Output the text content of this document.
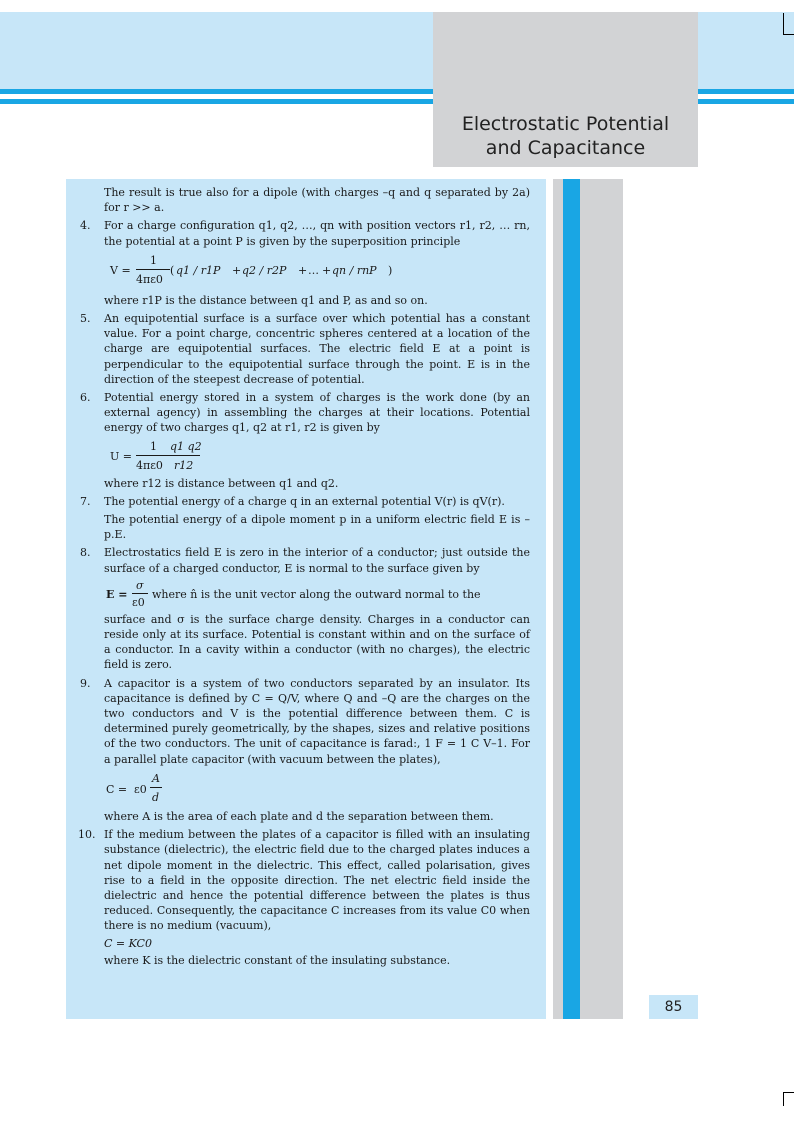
Electrostatic Potential
and Capacitance
85

The result is true also for a dipole (with charges –q and q separated by 2a) for r >> a.

4. For a charge configuration q1, q2, …, qn with position vectors r1, r2, … rn, the potential at a point P is given by the superposition principle

V =
1
4πε0
( q1 / r1P + q2 / r2P + … + qn / rnP )

where r1P is the distance between q1 and P, as and so on.

5. An equipotential surface is a surface over which potential has a constant value. For a point charge, concentric spheres centered at a location of the charge are equipotential surfaces. The electric field E at a point is perpendicular to the equipotential surface through the point. E is in the direction of the steepest decrease of potential.

6. Potential energy stored in a system of charges is the work done (by an external agency) in assembling the charges at their locations. Potential energy of two charges q1, q2 at r1, r2 is given by

U =
1
4πε0
q1 q2
r12

where r12 is distance between q1 and q2.

7. The potential energy of a charge q in an external potential V(r) is qV(r).

The potential energy of a dipole moment p in a uniform electric field E is –p.E.

8. Electrostatics field E is zero in the interior of a conductor; just outside the surface of a charged conductor, E is normal to the surface given by

E =
σ
ε0
where n̂ is the unit vector along the outward normal to the

surface and σ is the surface charge density. Charges in a conductor can reside only at its surface. Potential is constant within and on the surface of a conductor. In a cavity within a conductor (with no charges), the electric field is zero.

9. A capacitor is a system of two conductors separated by an insulator. Its capacitance is defined by C = Q/V, where Q and –Q are the charges on the two conductors and V is the potential difference between them. C is determined purely geometrically, by the shapes, sizes and relative positions of the two conductors. The unit of capacitance is farad:, 1 F = 1 C V–1. For a parallel plate capacitor (with vacuum between the plates),

C = ε0
A
d

where A is the area of each plate and d the separation between them.

10. If the medium between the plates of a capacitor is filled with an insulating substance (dielectric), the electric field due to the charged plates induces a net dipole moment in the dielectric. This effect, called polarisation, gives rise to a field in the opposite direction. The net electric field inside the dielectric and hence the potential difference between the plates is thus reduced. Consequently, the capacitance C increases from its value C0 when there is no medium (vacuum),

C = KC0

where K is the dielectric constant of the insulating substance.
